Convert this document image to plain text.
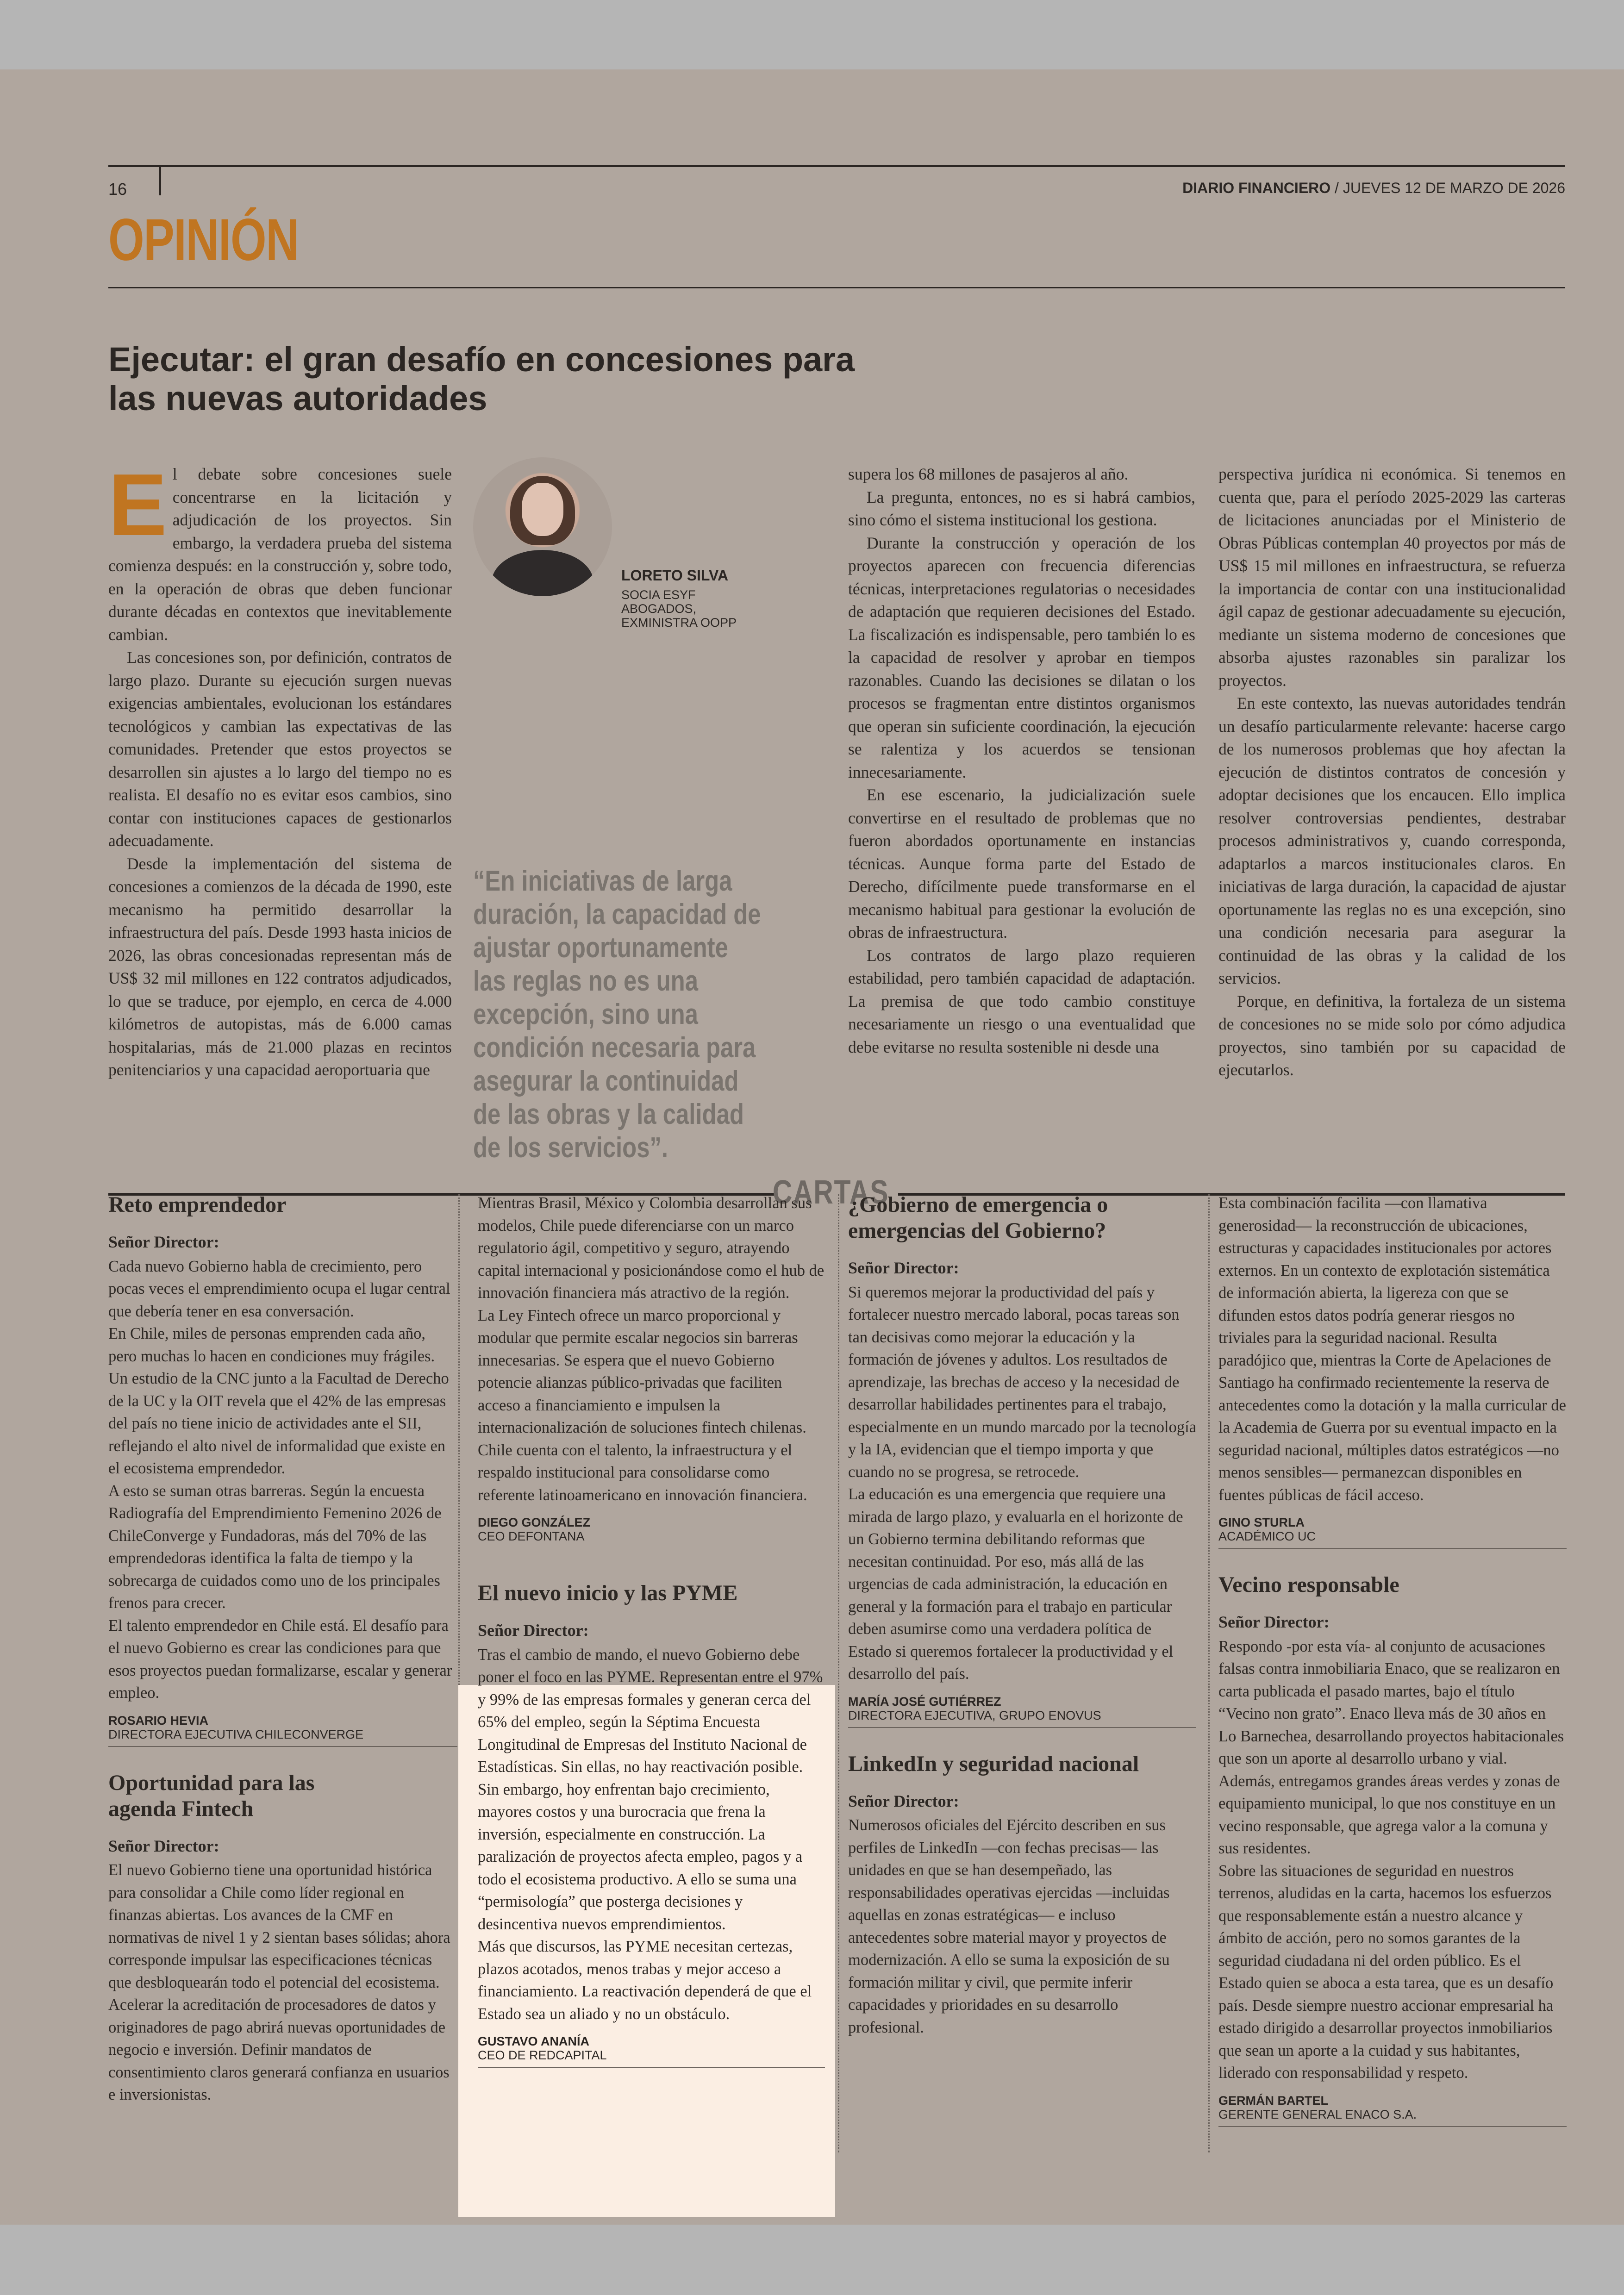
16	DIARIO FINANCIERO / JUEVES 12 DE MARZO DE 2026
OPINIÓN
Ejecutar: el gran desafío en concesiones para las nuevas autoridades
E l debate sobre concesiones suele concentrarse en la licitación y adjudicación de los proyectos. Sin embargo, la verdadera prueba del sistema comienza después: en la construcción y, sobre todo, en la operación de obras que deben funcionar durante décadas en contextos que inevitablemente cambian.

Las concesiones son, por definición, contratos de largo plazo. Durante su ejecución surgen nuevas exigencias ambientales, evolucionan los estándares tecnológicos y cambian las expectativas de las comunidades. Pretender que estos proyectos se desarrollen sin ajustes a lo largo del tiempo no es realista. El desafío no es evitar esos cambios, sino contar con instituciones capaces de gestionarlos adecuadamente.

Desde la implementación del sistema de concesiones a comienzos de la década de 1990, este mecanismo ha permitido desarrollar la infraestructura del país. Desde 1993 hasta inicios de 2026, las obras concesionadas representan más de US$ 32 mil millones en 122 contratos adjudicados, lo que se traduce, por ejemplo, en cerca de 4.000 kilómetros de autopistas, más de 6.000 camas hospitalarias, más de 21.000 plazas en recintos penitenciarios y una capacidad aeroportuaria que

LORETO SILVA
SOCIA ESYF ABOGADOS, EXMINISTRA OOPP
“En iniciativas de larga duración, la capacidad de ajustar oportunamente las reglas no es una excepción, sino una condición necesaria para asegurar la continuidad de las obras y la calidad de los servicios”.

supera los 68 millones de pasajeros al año.

La pregunta, entonces, no es si habrá cambios, sino cómo el sistema institucional los gestiona.

Durante la construcción y operación de los proyectos aparecen con frecuencia diferencias técnicas, interpretaciones regulatorias o necesidades de adaptación que requieren decisiones del Estado. La fiscalización es indispensable, pero también lo es la capacidad de resolver y aprobar en tiempos razonables. Cuando las decisiones se dilatan o los procesos se fragmentan entre distintos organismos que operan sin suficiente coordinación, la ejecución se ralentiza y los acuerdos se tensionan innecesariamente.

En ese escenario, la judicialización suele convertirse en el resultado de problemas que no fueron abordados oportunamente en instancias técnicas. Aunque forma parte del Estado de Derecho, difícilmente puede transformarse en el mecanismo habitual para gestionar la evolución de obras de infraestructura.

Los contratos de largo plazo requieren estabilidad, pero también capacidad de adaptación. La premisa de que todo cambio constituye necesariamente un riesgo o una eventualidad que debe evitarse no resulta sostenible ni desde una

perspectiva jurídica ni económica. Si tenemos en cuenta que, para el período 2025-2029 las carteras de licitaciones anunciadas por el Ministerio de Obras Públicas contemplan 40 proyectos por más de US$ 15 mil millones en infraestructura, se refuerza la importancia de contar con una institucionalidad ágil capaz de gestionar adecuadamente su ejecución, mediante un sistema moderno de concesiones que absorba ajustes razonables sin paralizar los proyectos.

En este contexto, las nuevas autoridades tendrán un desafío particularmente relevante: hacerse cargo de los numerosos problemas que hoy afectan la ejecución de distintos contratos de concesión y adoptar decisiones que los encaucen. Ello implica resolver controversias pendientes, destrabar procesos administrativos y, cuando corresponda, adaptarlos a marcos institucionales claros. En iniciativas de larga duración, la capacidad de ajustar oportunamente las reglas no es una excepción, sino una condición necesaria para asegurar la continuidad de las obras y la calidad de los servicios.

Porque, en definitiva, la fortaleza de un sistema de concesiones no se mide solo por cómo adjudica proyectos, sino también por su capacidad de ejecutarlos.

CARTAS
Reto emprendedor
Señor Director:

Cada nuevo Gobierno habla de crecimiento, pero pocas veces el emprendimiento ocupa el lugar central que debería tener en esa conversación.

En Chile, miles de personas emprenden cada año, pero muchas lo hacen en condiciones muy frágiles. Un estudio de la CNC junto a la Facultad de Derecho de la UC y la OIT revela que el 42% de las empresas del país no tiene inicio de actividades ante el SII, reflejando el alto nivel de informalidad que existe en el ecosistema emprendedor.

A esto se suman otras barreras. Según la encuesta Radiografía del Emprendimiento Femenino 2026 de ChileConverge y Fundadoras, más del 70% de las emprendedoras identifica la falta de tiempo y la sobrecarga de cuidados como uno de los principales frenos para crecer.

El talento emprendedor en Chile está. El desafío para el nuevo Gobierno es crear las condiciones para que esos proyectos puedan formalizarse, escalar y generar empleo.

ROSARIO HEVIA
DIRECTORA EJECUTIVA CHILECONVERGE
Oportunidad para las agenda Fintech
Señor Director:

El nuevo Gobierno tiene una oportunidad histórica para consolidar a Chile como líder regional en finanzas abiertas. Los avances de la CMF en normativas de nivel 1 y 2 sientan bases sólidas; ahora corresponde impulsar las especificaciones técnicas que desbloquearán todo el potencial del ecosistema. Acelerar la acreditación de procesadores de datos y originadores de pago abrirá nuevas oportunidades de negocio e inversión. Definir mandatos de consentimiento claros generará confianza en usuarios e inversionistas.

Mientras Brasil, México y Colombia desarrollan sus modelos, Chile puede diferenciarse con un marco regulatorio ágil, competitivo y seguro, atrayendo capital internacional y posicionándose como el hub de innovación financiera más atractivo de la región.

La Ley Fintech ofrece un marco proporcional y modular que permite escalar negocios sin barreras innecesarias. Se espera que el nuevo Gobierno potencie alianzas público-privadas que faciliten acceso a financiamiento e impulsen la internacionalización de soluciones fintech chilenas. Chile cuenta con el talento, la infraestructura y el respaldo institucional para consolidarse como referente latinoamericano en innovación financiera.

DIEGO GONZÁLEZ
CEO DEFONTANA
El nuevo inicio y las PYME
Señor Director:

Tras el cambio de mando, el nuevo Gobierno debe poner el foco en las PYME. Representan entre el 97% y 99% de las empresas formales y generan cerca del 65% del empleo, según la Séptima Encuesta Longitudinal de Empresas del Instituto Nacional de Estadísticas. Sin ellas, no hay reactivación posible. Sin embargo, hoy enfrentan bajo crecimiento, mayores costos y una burocracia que frena la inversión, especialmente en construcción. La paralización de proyectos afecta empleo, pagos y a todo el ecosistema productivo. A ello se suma una “permisología” que posterga decisiones y desincentiva nuevos emprendimientos.

Más que discursos, las PYME necesitan certezas, plazos acotados, menos trabas y mejor acceso a financiamiento. La reactivación dependerá de que el Estado sea un aliado y no un obstáculo.

GUSTAVO ANANÍA
CEO DE REDCAPITAL
¿Gobierno de emergencia o emergencias del Gobierno?
Señor Director:

Si queremos mejorar la productividad del país y fortalecer nuestro mercado laboral, pocas tareas son tan decisivas como mejorar la educación y la formación de jóvenes y adultos. Los resultados de aprendizaje, las brechas de acceso y la necesidad de desarrollar habilidades pertinentes para el trabajo, especialmente en un mundo marcado por la tecnología y la IA, evidencian que el tiempo importa y que cuando no se progresa, se retrocede.

La educación es una emergencia que requiere una mirada de largo plazo, y evaluarla en el horizonte de un Gobierno termina debilitando reformas que necesitan continuidad. Por eso, más allá de las urgencias de cada administración, la educación en general y la formación para el trabajo en particular deben asumirse como una verdadera política de Estado si queremos fortalecer la productividad y el desarrollo del país.

MARÍA JOSÉ GUTIÉRREZ
DIRECTORA EJECUTIVA, GRUPO ENOVUS
LinkedIn y seguridad nacional
Señor Director:

Numerosos oficiales del Ejército describen en sus perfiles de LinkedIn —con fechas precisas— las unidades en que se han desempeñado, las responsabilidades operativas ejercidas —incluidas aquellas en zonas estratégicas— e incluso antecedentes sobre material mayor y proyectos de modernización. A ello se suma la exposición de su formación militar y civil, que permite inferir capacidades y prioridades en su desarrollo profesional.

Esta combinación facilita —con llamativa generosidad— la reconstrucción de ubicaciones, estructuras y capacidades institucionales por actores externos. En un contexto de explotación sistemática de información abierta, la ligereza con que se difunden estos datos podría generar riesgos no triviales para la seguridad nacional. Resulta paradójico que, mientras la Corte de Apelaciones de Santiago ha confirmado recientemente la reserva de antecedentes como la dotación y la malla curricular de la Academia de Guerra por su eventual impacto en la seguridad nacional, múltiples datos estratégicos —no menos sensibles— permanezcan disponibles en fuentes públicas de fácil acceso.

GINO STURLA
ACADÉMICO UC
Vecino responsable
Señor Director:

Respondo -por esta vía- al conjunto de acusaciones falsas contra inmobiliaria Enaco, que se realizaron en carta publicada el pasado martes, bajo el título “Vecino non grato”. Enaco lleva más de 30 años en Lo Barnechea, desarrollando proyectos habitacionales que son un aporte al desarrollo urbano y vial. Además, entregamos grandes áreas verdes y zonas de equipamiento municipal, lo que nos constituye en un vecino responsable, que agrega valor a la comuna y sus residentes.

Sobre las situaciones de seguridad en nuestros terrenos, aludidas en la carta, hacemos los esfuerzos que responsablemente están a nuestro alcance y ámbito de acción, pero no somos garantes de la seguridad ciudadana ni del orden público. Es el Estado quien se aboca a esta tarea, que es un desafío país. Desde siempre nuestro accionar empresarial ha estado dirigido a desarrollar proyectos inmobiliarios que sean un aporte a la cuidad y sus habitantes, liderado con responsabilidad y respeto.

GERMÁN BARTEL
GERENTE GENERAL ENACO S.A.
